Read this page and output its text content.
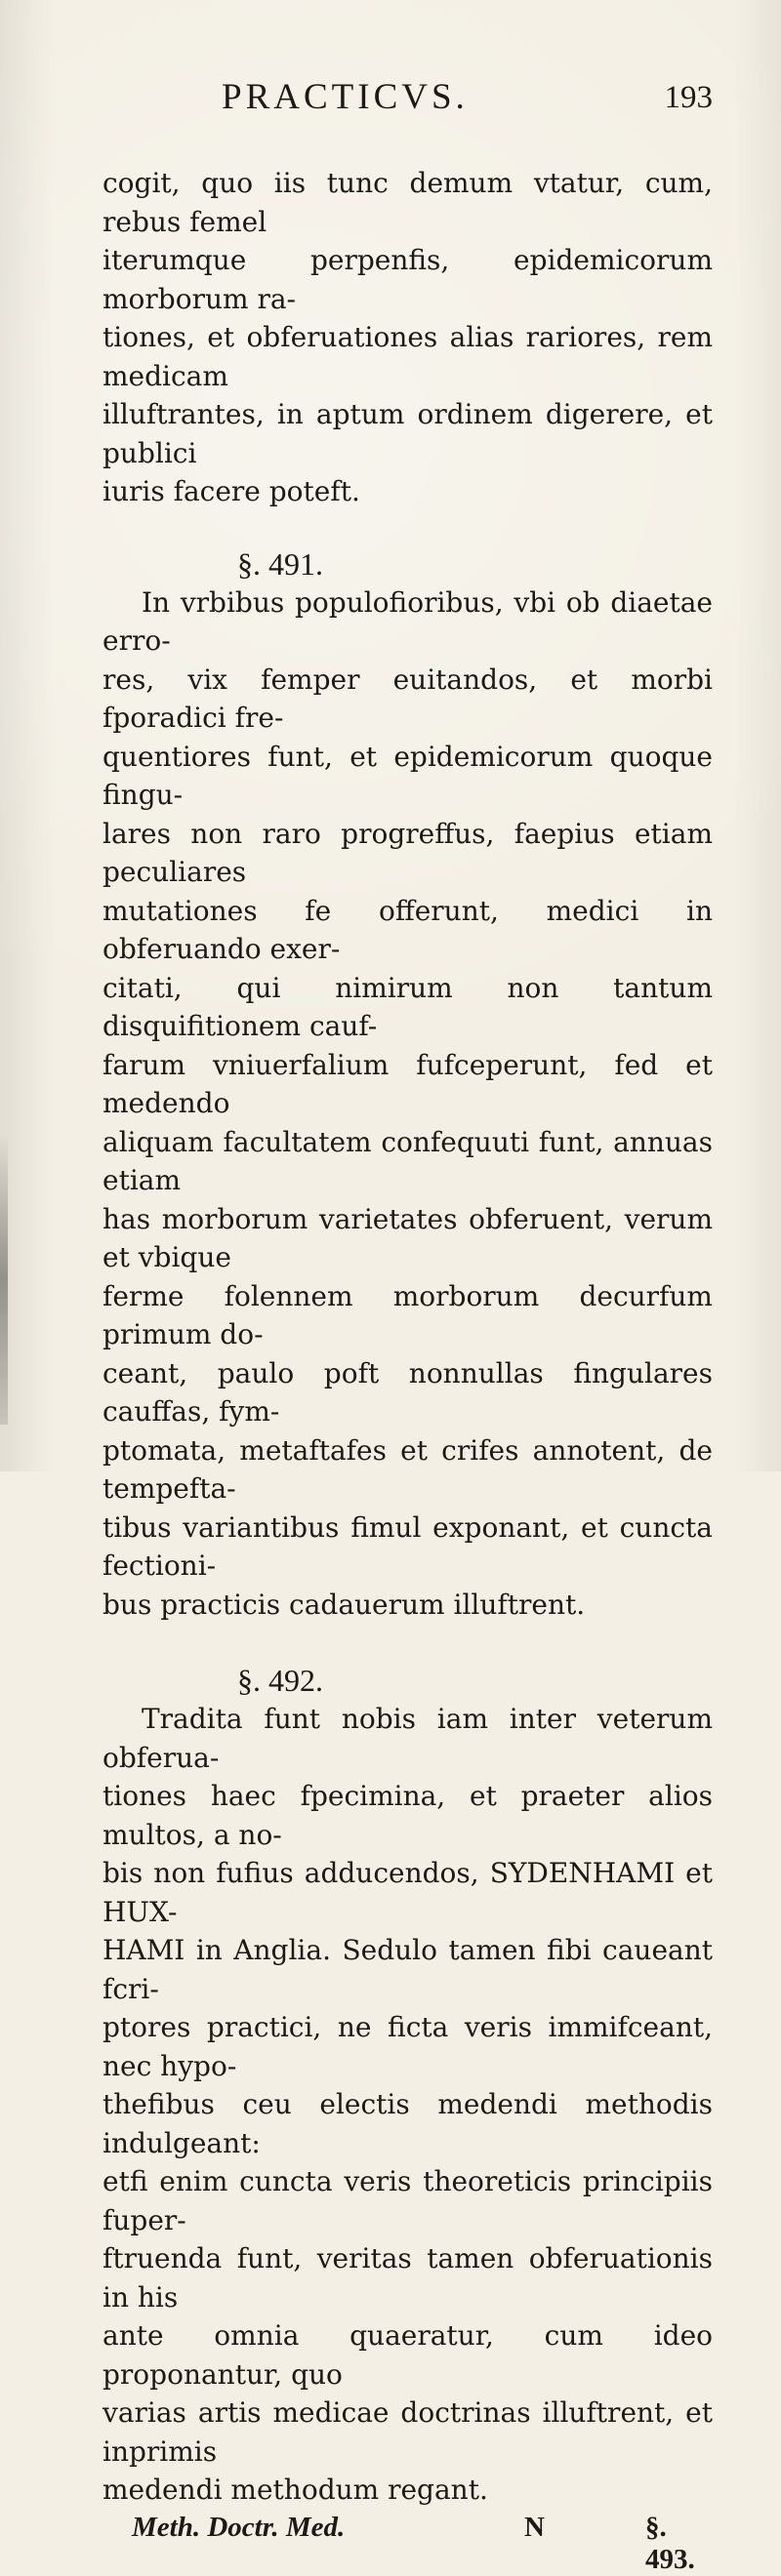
PRACTICVS.	193

cogit, quo iis tunc demum vtatur, cum, rebus femel
iterumque perpenfis, epidemicorum morborum ra-
tiones, et obferuationes alias rariores, rem medicam
illuftrantes, in aptum ordinem digerere, et publici
iuris facere poteft.

§. 491.

In vrbibus populofioribus, vbi ob diaetae erro-
res, vix femper euitandos, et morbi fporadici fre-
quentiores funt, et epidemicorum quoque fingu-
lares non raro progreffus, faepius etiam peculiares
mutationes fe offerunt, medici in obferuando exer-
citati, qui nimirum non tantum disquifitionem cauf-
farum vniuerfalium fufceperunt, fed et medendo
aliquam facultatem confequuti funt, annuas etiam
has morborum varietates obferuent, verum et vbique
ferme folennem morborum decurfum primum do-
ceant, paulo poft nonnullas fingulares cauffas, fym-
ptomata, metaftafes et crifes annotent, de tempefta-
tibus variantibus fimul exponant, et cuncta fectioni-
bus practicis cadauerum illuftrent.

§. 492.

Tradita funt nobis iam inter veterum obferua-
tiones haec fpecimina, et praeter alios multos, a no-
bis non fufius adducendos, SYDENHAMI et HUX-
HAMI in Anglia. Sedulo tamen fibi caueant fcri-
ptores practici, ne ficta veris immifceant, nec hypo-
thefibus ceu electis medendi methodis indulgeant:
etfi enim cuncta veris theoreticis principiis fuper-
ftruenda funt, veritas tamen obferuationis in his
ante omnia quaeratur, cum ideo proponantur, quo
varias artis medicae doctrinas illuftrent, et inprimis
medendi methodum regant.

Meth. Doctr. Med.	N	§. 493.
